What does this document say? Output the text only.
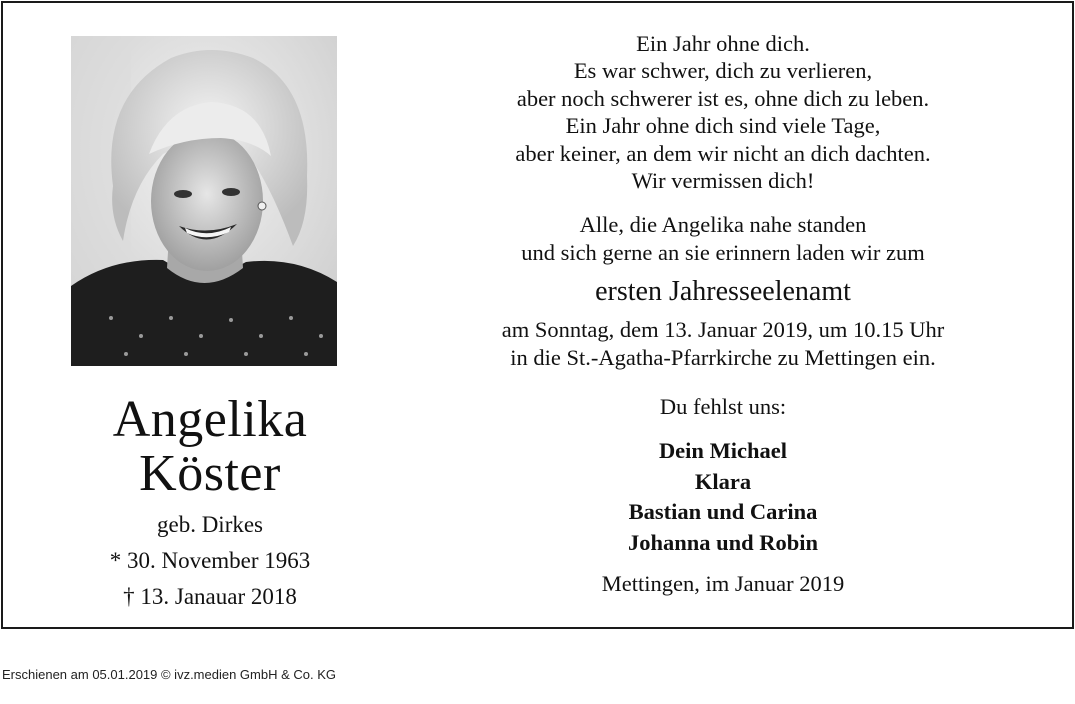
Angelika
Köster
geb. Dirkes
* 30. November 1963
† 13. Janauar 2018
Ein Jahr ohne dich.
Es war schwer, dich zu verlieren,
aber noch schwerer ist es, ohne dich zu leben.
Ein Jahr ohne dich sind viele Tage,
aber keiner, an dem wir nicht an dich dachten.
Wir vermissen dich!
Alle, die Angelika nahe standen
und sich gerne an sie erinnern laden wir zum
ersten Jahresseelenamt
am Sonntag, dem 13. Januar 2019, um 10.15 Uhr
in die St.-Agatha-Pfarrkirche zu Mettingen ein.
Du fehlst uns:
Dein Michael
Klara
Bastian und Carina
Johanna und Robin
Mettingen, im Januar 2019
Erschienen am 05.01.2019 © ivz.medien GmbH & Co. KG
